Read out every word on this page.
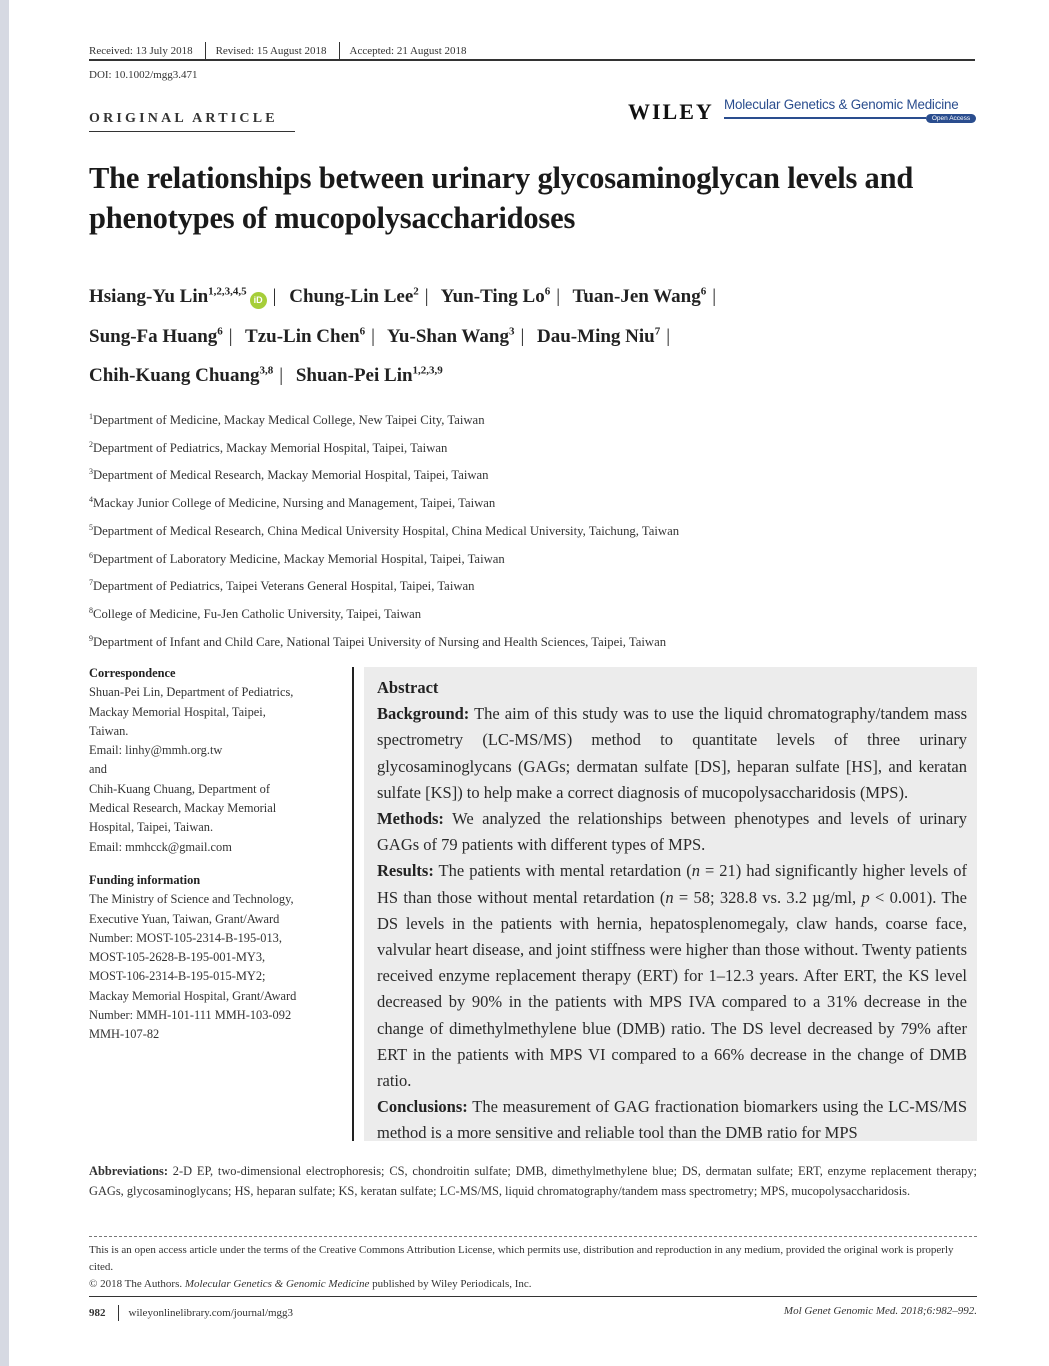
Received: 13 July 2018 Revised: 15 August 2018 Accepted: 21 August 2018
DOI: 10.1002/mgg3.471
ORIGINAL ARTICLE	WILEY Molecular Genetics & Genomic Medicine
Open Access
The relationships between urinary glycosaminoglycan levels and phenotypes of mucopolysaccharidoses
Hsiang-Yu Lin$^{1,2,3,4,5}$iD | Chung-Lin Lee$^2$ | Yun-Ting Lo$^6$ | Tuan-Jen Wang$^6$ |
Sung-Fa Huang$^6$ | Tzu-Lin Chen$^6$ | Yu-Shan Wang$^3$ | Dau-Ming Niu$^7$ |
Chih-Kuang Chuang$^{3,8}$ | Shuan-Pei Lin$^{1,2,3,9}$
$^1$Department of Medicine, Mackay Medical College, New Taipei City, Taiwan
$^2$Department of Pediatrics, Mackay Memorial Hospital, Taipei, Taiwan
$^3$Department of Medical Research, Mackay Memorial Hospital, Taipei, Taiwan
$^4$Mackay Junior College of Medicine, Nursing and Management, Taipei, Taiwan
$^5$Department of Medical Research, China Medical University Hospital, China Medical University, Taichung, Taiwan
$^6$Department of Laboratory Medicine, Mackay Memorial Hospital, Taipei, Taiwan
$^7$Department of Pediatrics, Taipei Veterans General Hospital, Taipei, Taiwan
$^8$College of Medicine, Fu-Jen Catholic University, Taipei, Taiwan
$^9$Department of Infant and Child Care, National Taipei University of Nursing and Health Sciences, Taipei, Taiwan
Correspondence
Shuan-Pei Lin, Department of Pediatrics,
Mackay Memorial Hospital, Taipei,
Taiwan.
Email: linhy@mmh.org.tw
and
Chih-Kuang Chuang, Department of
Medical Research, Mackay Memorial
Hospital, Taipei, Taiwan.
Email: mmhcck@gmail.com
Funding information
The Ministry of Science and Technology,
Executive Yuan, Taiwan, Grant/Award
Number: MOST-105-2314-B-195-013,
MOST-105-2628-B-195-001-MY3,
MOST-106-2314-B-195-015-MY2;
Mackay Memorial Hospital, Grant/Award
Number: MMH-101-111 MMH-103-092
MMH-107-82
Abstract
Background: The aim of this study was to use the liquid chromatography/tandem mass spectrometry (LC-MS/MS) method to quantitate levels of three urinary glycosaminoglycans (GAGs; dermatan sulfate [DS], heparan sulfate [HS], and keratan sulfate [KS]) to help make a correct diagnosis of mucopolysaccharidosis (MPS).
Methods: We analyzed the relationships between phenotypes and levels of urinary GAGs of 79 patients with different types of MPS.
Results: The patients with mental retardation (n = 21) had significantly higher levels of HS than those without mental retardation (n = 58; 328.8 vs. 3.2 µg/ml, p < 0.001). The DS levels in the patients with hernia, hepatosplenomegaly, claw hands, coarse face, valvular heart disease, and joint stiffness were higher than those without. Twenty patients received enzyme replacement therapy (ERT) for 1–12.3 years. After ERT, the KS level decreased by 90% in the patients with MPS IVA compared to a 31% decrease in the change of dimethylmethylene blue (DMB) ratio. The DS level decreased by 79% after ERT in the patients with MPS VI compared to a 66% decrease in the change of DMB ratio.
Conclusions: The measurement of GAG fractionation biomarkers using the LC-MS/MS method is a more sensitive and reliable tool than the DMB ratio for MPS
Abbreviations: 2-D EP, two-dimensional electrophoresis; CS, chondroitin sulfate; DMB, dimethylmethylene blue; DS, dermatan sulfate; ERT, enzyme replacement therapy; GAGs, glycosaminoglycans; HS, heparan sulfate; KS, keratan sulfate; LC-MS/MS, liquid chromatography/tandem mass spectrometry; MPS, mucopolysaccharidosis.
This is an open access article under the terms of the Creative Commons Attribution License, which permits use, distribution and reproduction in any medium, provided the original work is properly cited.
© 2018 The Authors. Molecular Genetics & Genomic Medicine published by Wiley Periodicals, Inc.
982 wileyonlinelibrary.com/journal/mgg3	Mol Genet Genomic Med. 2018;6:982–992.
